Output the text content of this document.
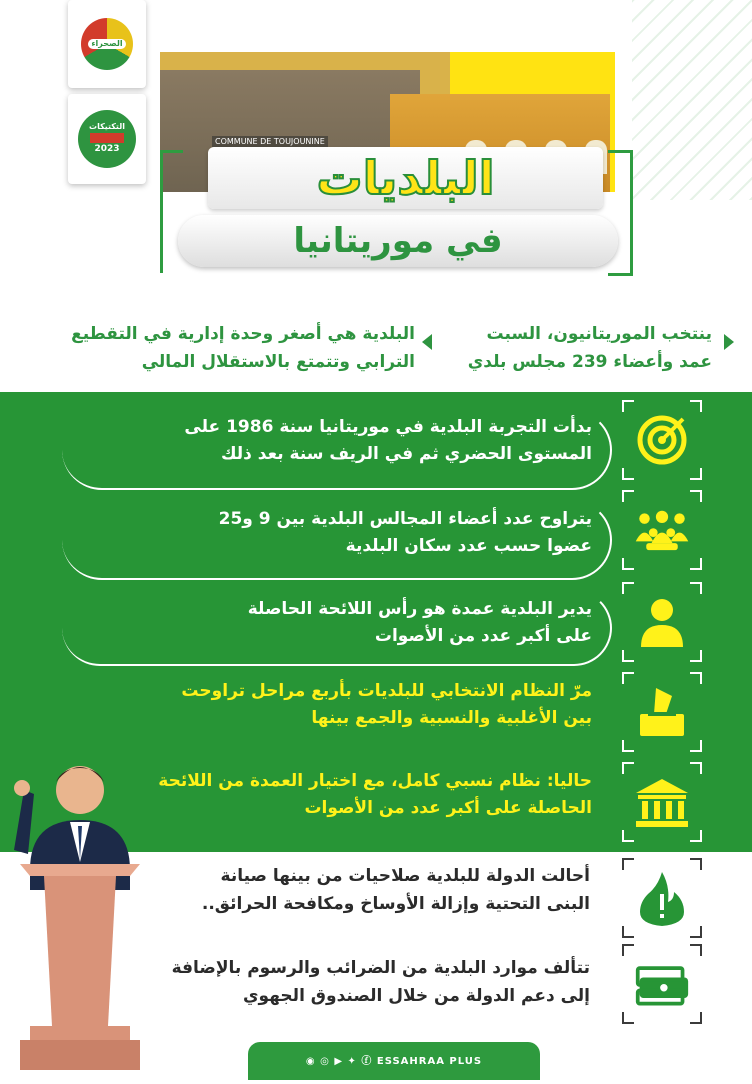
الصحراء
التكتيكات
2023
COMMUNE DE TOUJOUNINE
البلديات
في موريتانيا
ينتخب الموريتانيون، السبت
عمد وأعضاء 239 مجلس بلدي
البلدية هي أصغر وحدة إدارية في التقطيع
الترابي وتتمتع بالاستقلال المالي
بدأت التجربة البلدية في موريتانيا سنة 1986 على
المستوى الحضري ثم في الريف سنة بعد ذلك
يتراوح عدد أعضاء المجالس البلدية بين 9 و25
عضوا حسب عدد سكان البلدية
يدير البلدية عمدة هو رأس اللائحة الحاصلة
على أكبر عدد من الأصوات
مرّ النظام الانتخابي للبلديات بأربع مراحل تراوحت
بين الأغلبية والنسبية والجمع بينها
حاليا: نظام نسبي كامل، مع اختيار العمدة من اللائحة
الحاصلة على أكبر عدد من الأصوات
أحالت الدولة للبلدية صلاحيات من بينها صيانة
البنى التحتية وإزالة الأوساخ ومكافحة الحرائق..
تتألف موارد البلدية من الضرائب والرسوم بالإضافة
إلى دعم الدولة من خلال الصندوق الجهوي
◉ ◎ ▶ ✦ ⓕ ESSAHRAA PLUS
